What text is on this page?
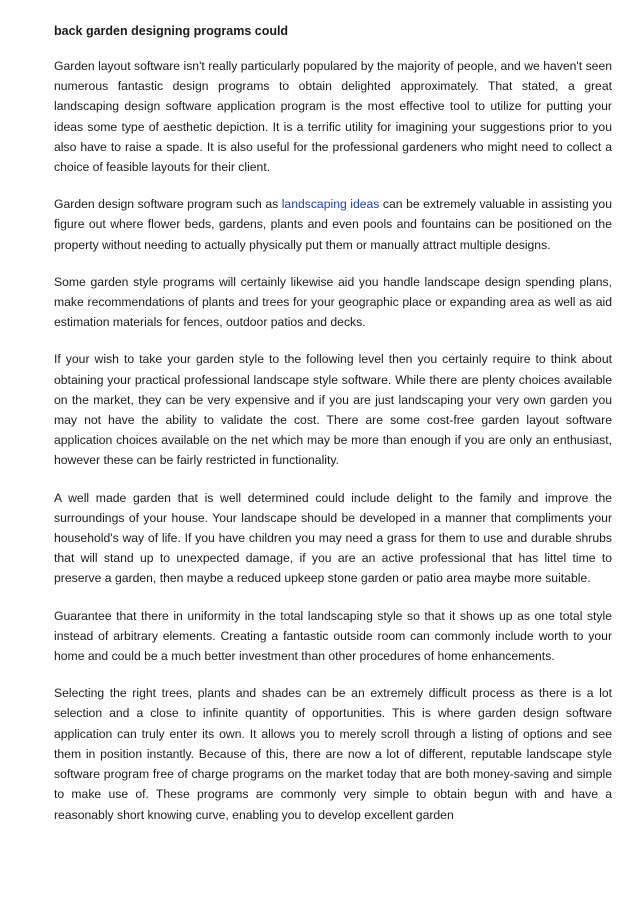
back garden designing programs could

Garden layout software isn't really particularly populared by the majority of people, and we haven't seen numerous fantastic design programs to obtain delighted approximately. That stated, a great landscaping design software application program is the most effective tool to utilize for putting your ideas some type of aesthetic depiction. It is a terrific utility for imagining your suggestions prior to you also have to raise a spade. It is also useful for the professional gardeners who might need to collect a choice of feasible layouts for their client.

Garden design software program such as landscaping ideas can be extremely valuable in assisting you figure out where flower beds, gardens, plants and even pools and fountains can be positioned on the property without needing to actually physically put them or manually attract multiple designs.

Some garden style programs will certainly likewise aid you handle landscape design spending plans, make recommendations of plants and trees for your geographic place or expanding area as well as aid estimation materials for fences, outdoor patios and decks.

If your wish to take your garden style to the following level then you certainly require to think about obtaining your practical professional landscape style software. While there are plenty choices available on the market, they can be very expensive and if you are just landscaping your very own garden you may not have the ability to validate the cost. There are some cost-free garden layout software application choices available on the net which may be more than enough if you are only an enthusiast, however these can be fairly restricted in functionality.

A well made garden that is well determined could include delight to the family and improve the surroundings of your house. Your landscape should be developed in a manner that compliments your household's way of life. If you have children you may need a grass for them to use and durable shrubs that will stand up to unexpected damage, if you are an active professional that has littel time to preserve a garden, then maybe a reduced upkeep stone garden or patio area maybe more suitable.

Guarantee that there in uniformity in the total landscaping style so that it shows up as one total style instead of arbitrary elements. Creating a fantastic outside room can commonly include worth to your home and could be a much better investment than other procedures of home enhancements.

Selecting the right trees, plants and shades can be an extremely difficult process as there is a lot selection and a close to infinite quantity of opportunities. This is where garden design software application can truly enter its own. It allows you to merely scroll through a listing of options and see them in position instantly. Because of this, there are now a lot of different, reputable landscape style software program free of charge programs on the market today that are both money-saving and simple to make use of. These programs are commonly very simple to obtain begun with and have a reasonably short knowing curve, enabling you to develop excellent garden
